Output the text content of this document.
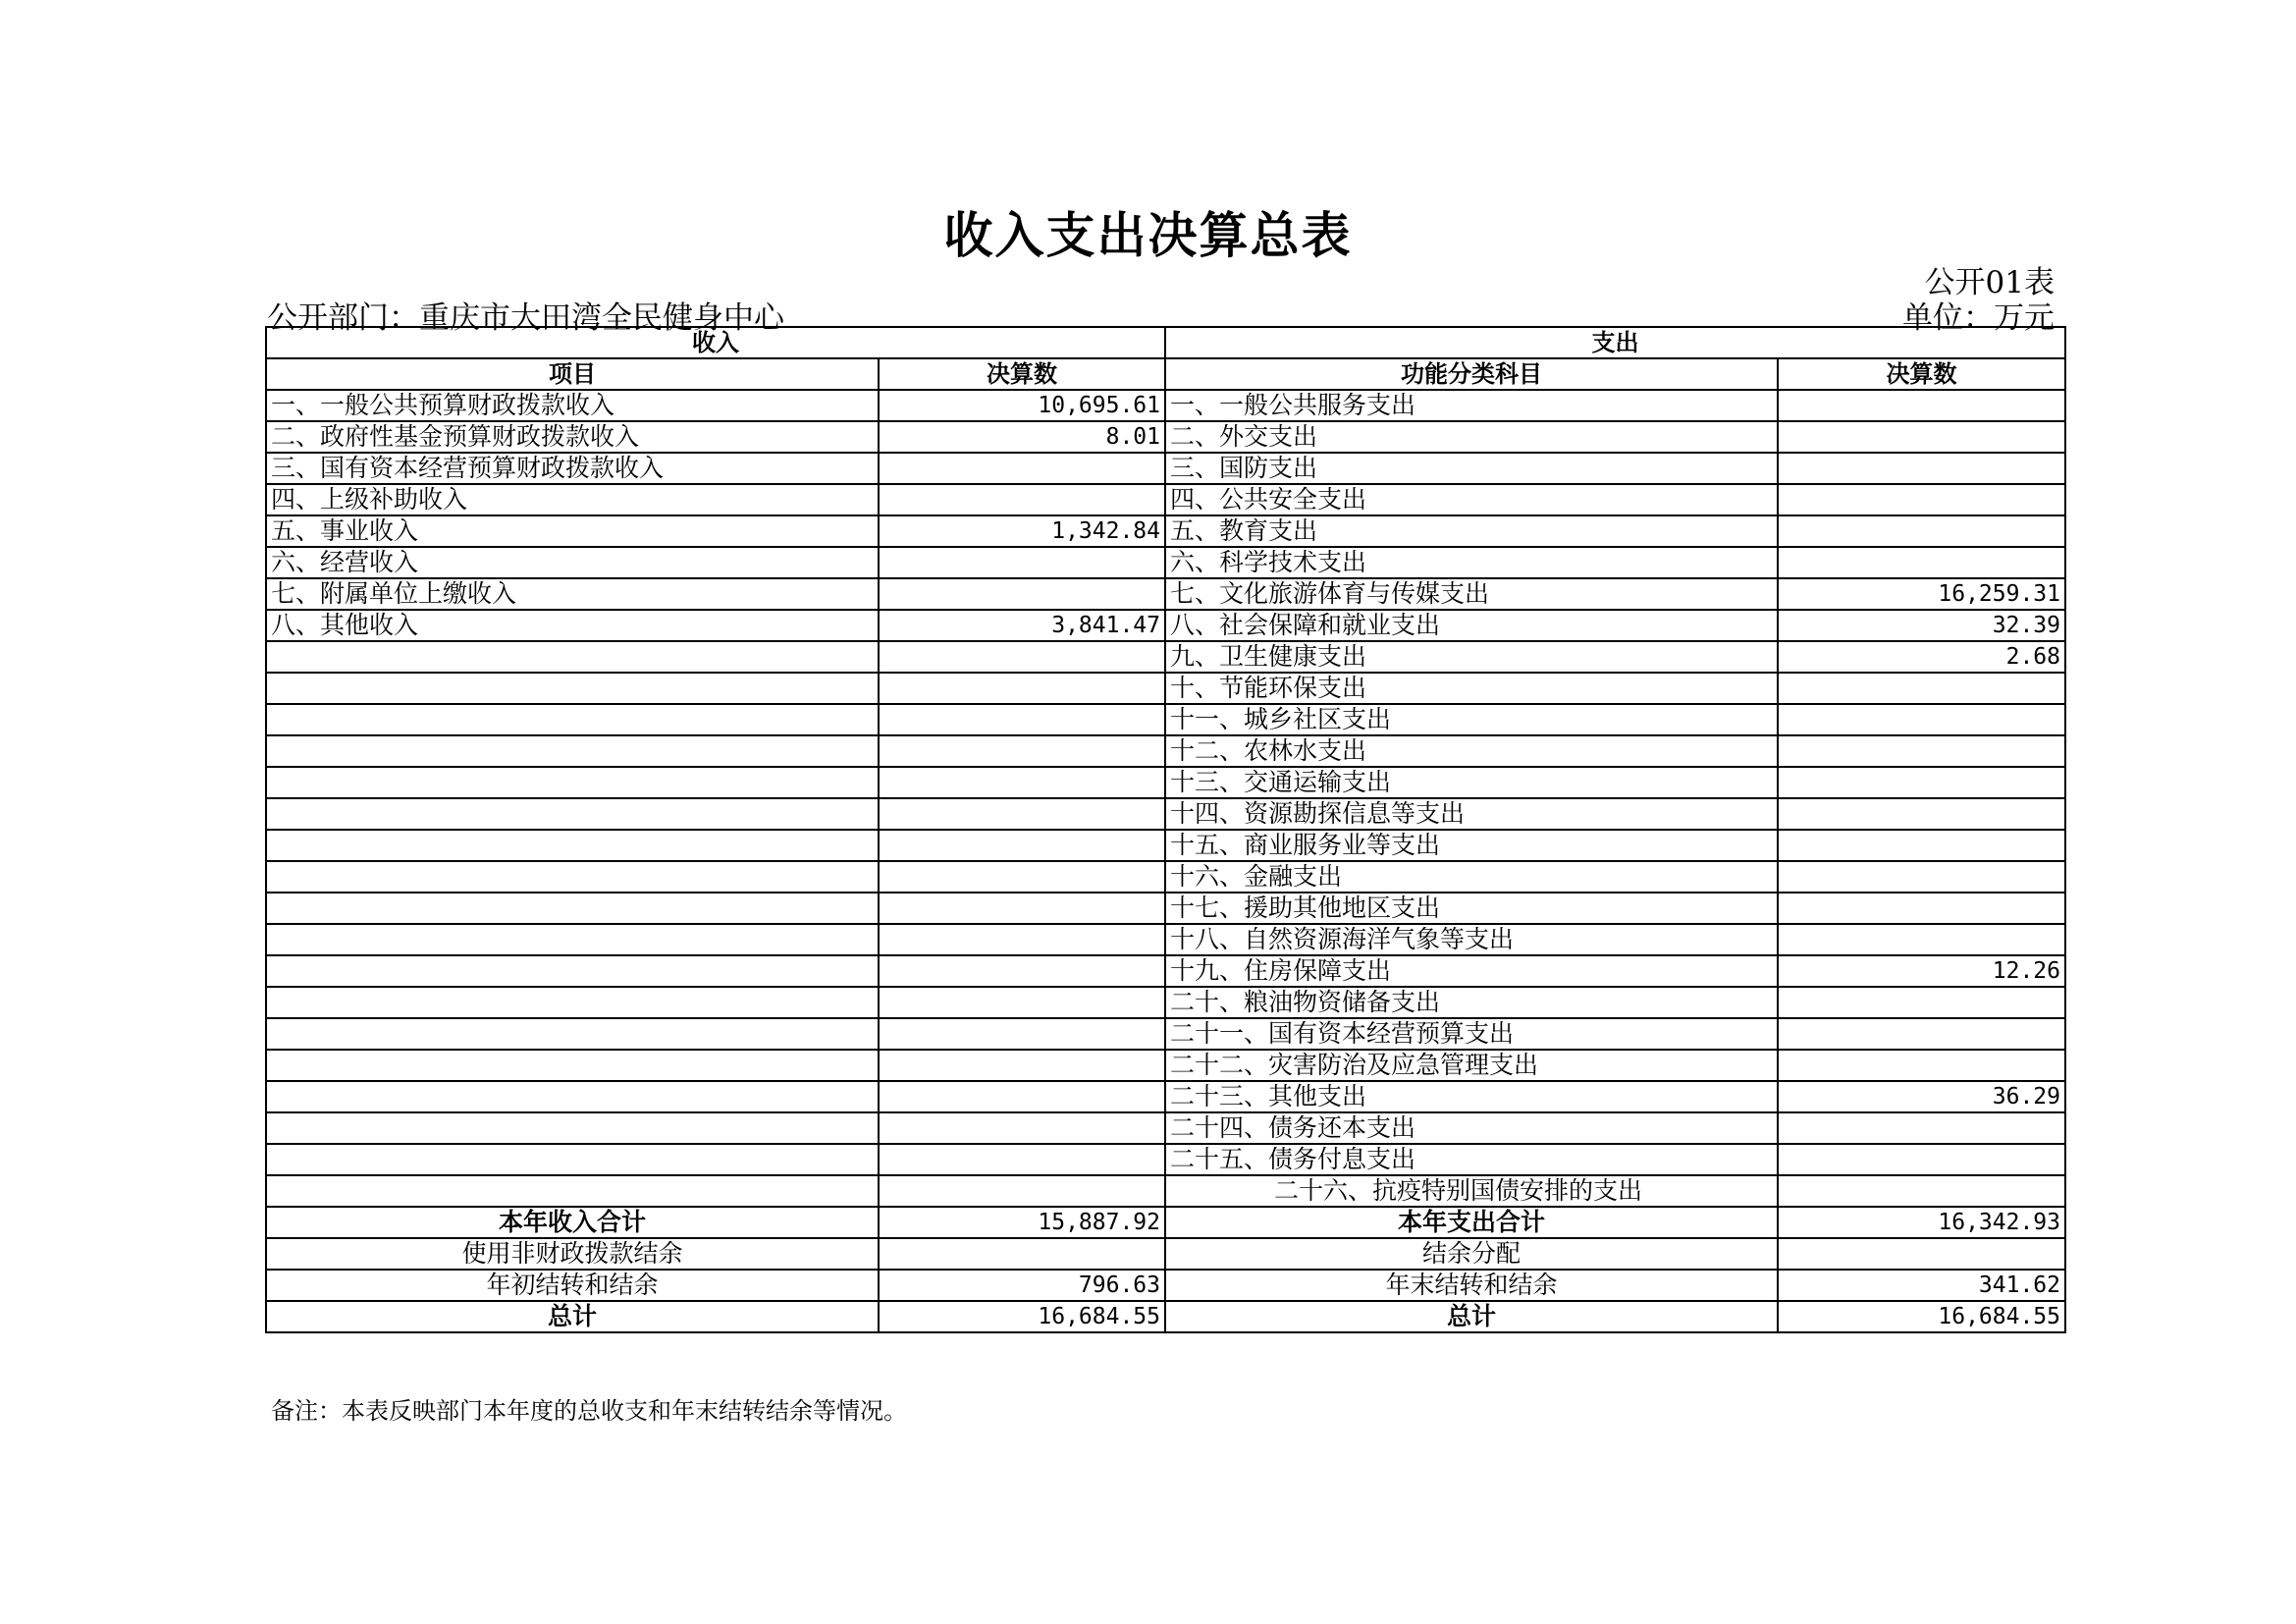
收入支出决算总表
公开01表
公开部门：重庆市大田湾全民健身中心	单位：万元
收入		支出	
项目	决算数	功能分类科目	决算数
一、一般公共预算财政拨款收入	10,695.61	一、一般公共服务支出	
二、政府性基金预算财政拨款收入	8.01	二、外交支出	
三、国有资本经营预算财政拨款收入		三、国防支出	
四、上级补助收入		四、公共安全支出	
五、事业收入	1,342.84	五、教育支出	
六、经营收入		六、科学技术支出	
七、附属单位上缴收入		七、文化旅游体育与传媒支出	16,259.31
八、其他收入	3,841.47	八、社会保障和就业支出	32.39
		九、卫生健康支出	2.68
		十、节能环保支出	
		十一、城乡社区支出	
		十二、农林水支出	
		十三、交通运输支出	
		十四、资源勘探信息等支出	
		十五、商业服务业等支出	
		十六、金融支出	
		十七、援助其他地区支出	
		十八、自然资源海洋气象等支出	
		十九、住房保障支出	12.26
		二十、粮油物资储备支出	
		二十一、国有资本经营预算支出	
		二十二、灾害防治及应急管理支出	
		二十三、其他支出	36.29
		二十四、债务还本支出	
		二十五、债务付息支出	
		二十六、抗疫特别国债安排的支出	
本年收入合计	15,887.92	本年支出合计	16,342.93
使用非财政拨款结余		结余分配	
年初结转和结余	796.63	年末结转和结余	341.62
总计	16,684.55	总计	16,684.55
备注：本表反映部门本年度的总收支和年末结转结余等情况。
